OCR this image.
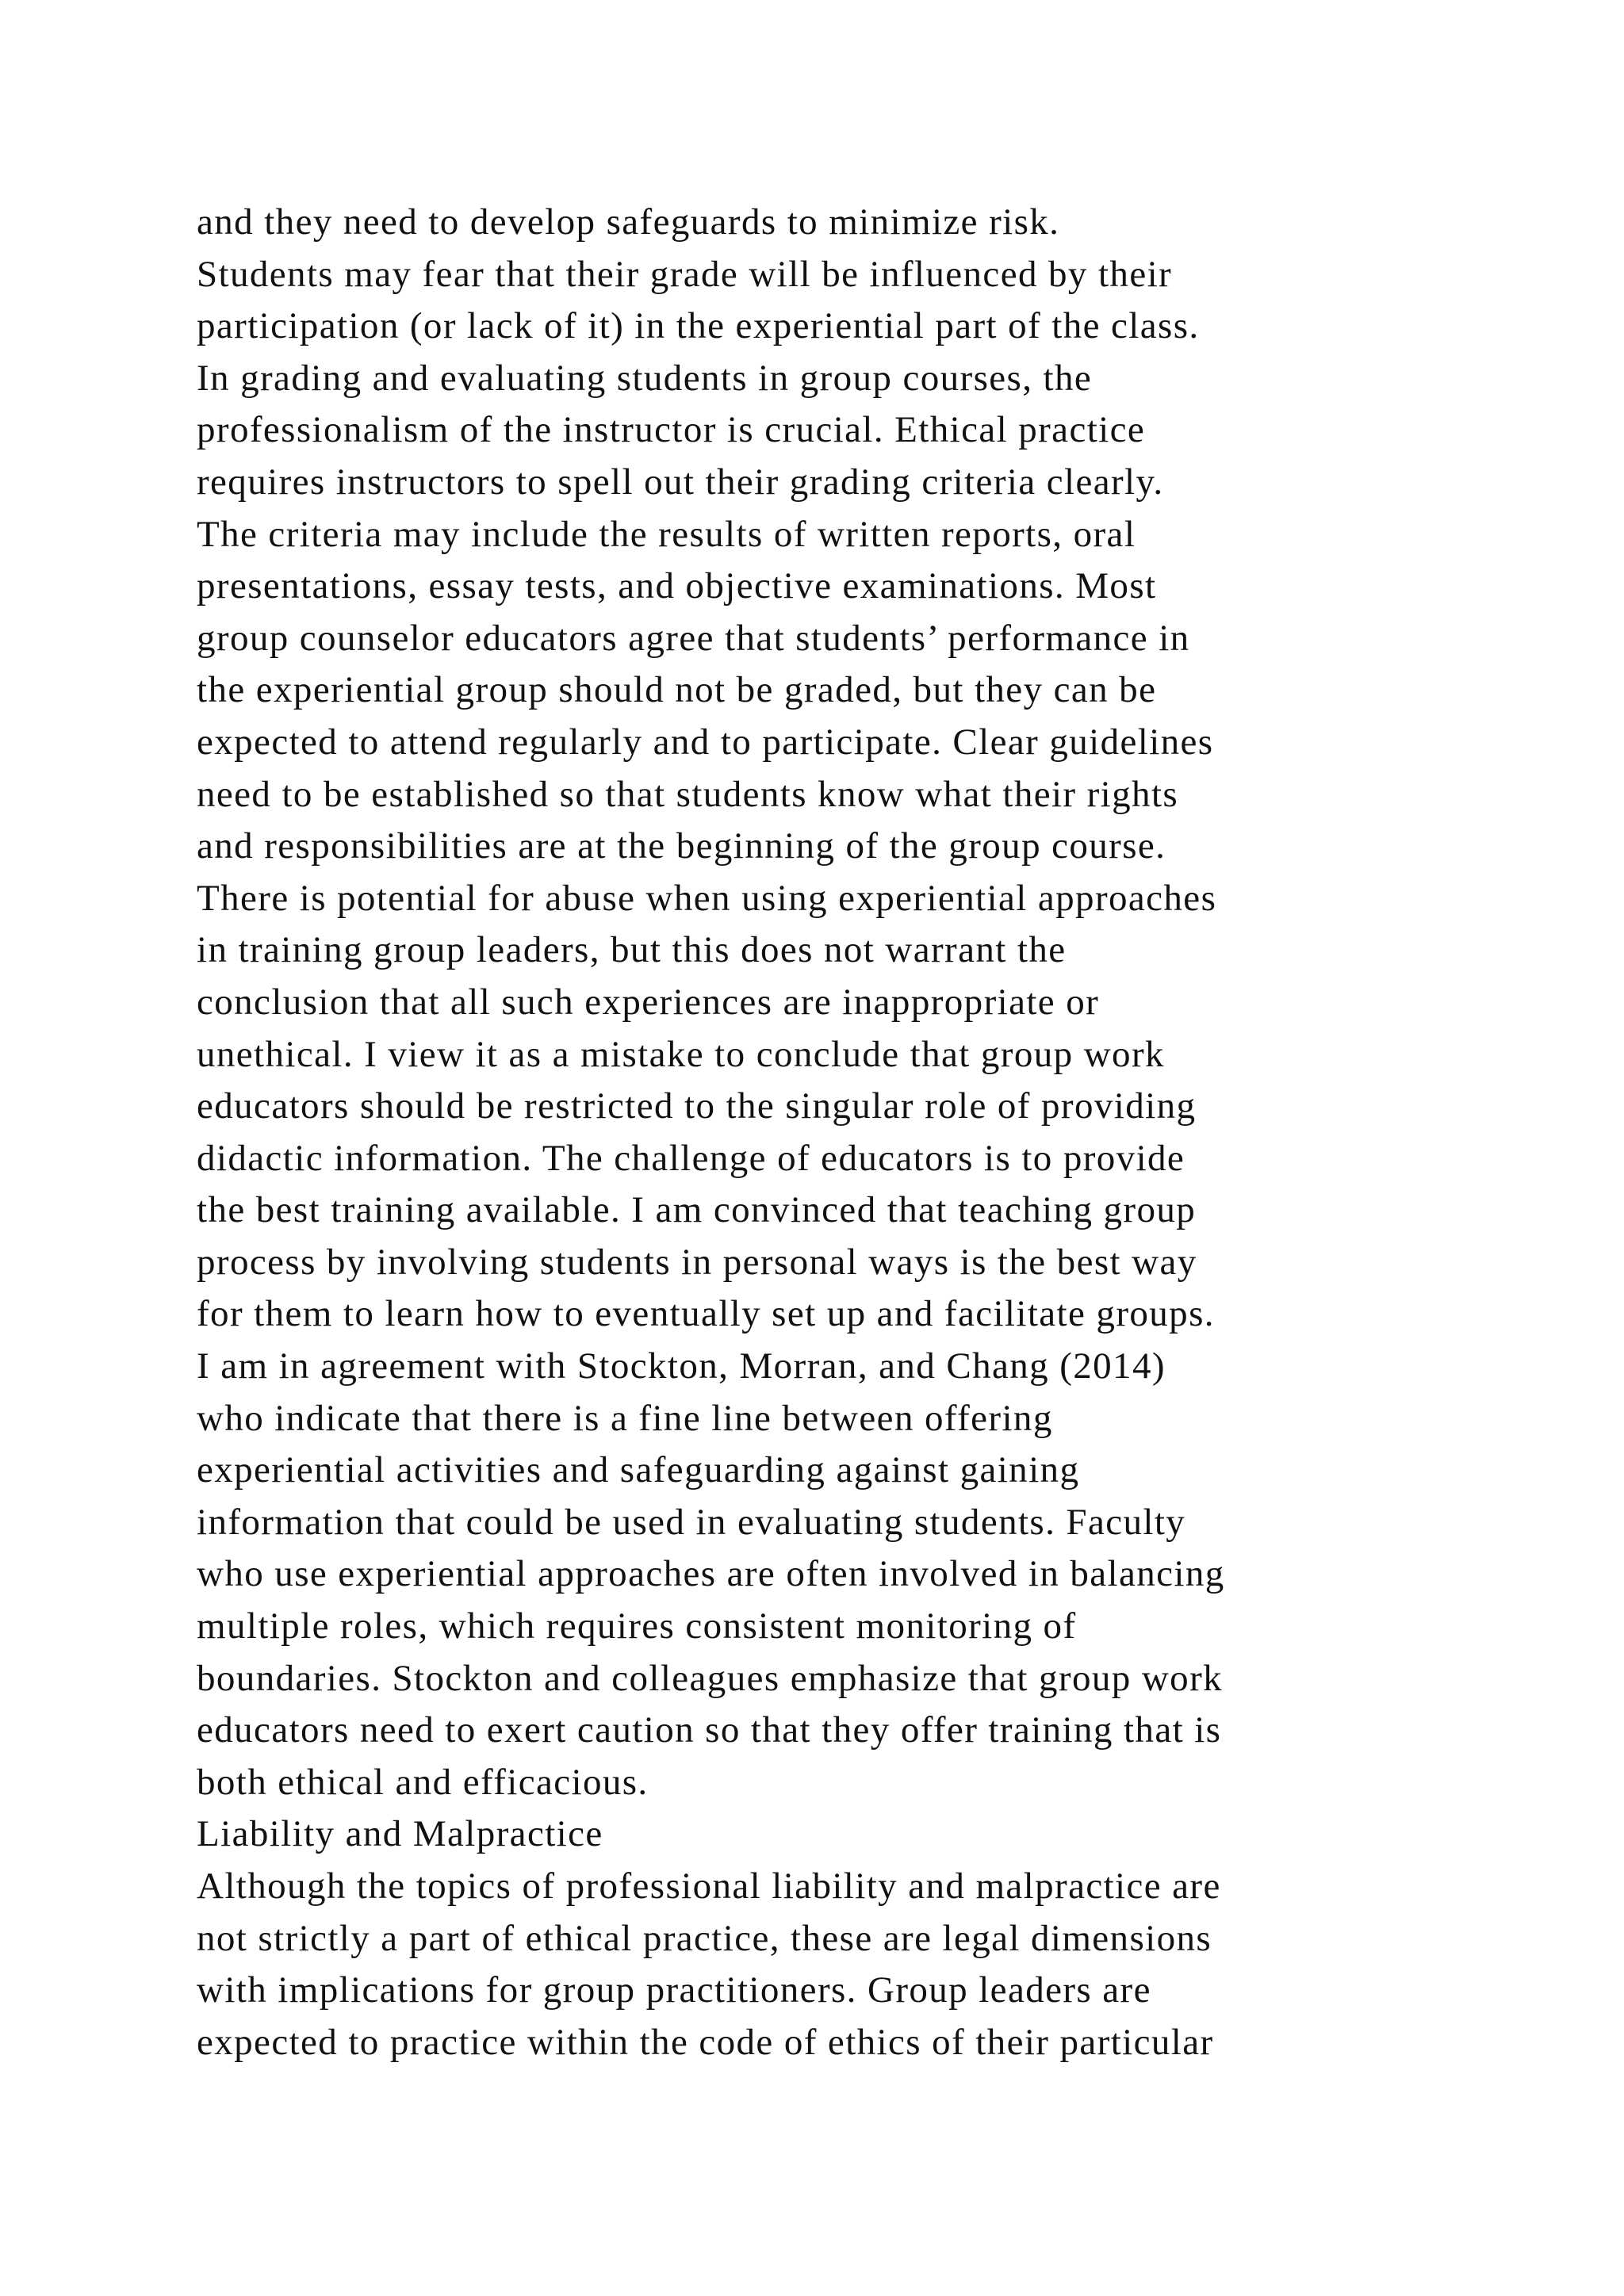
and they need to develop safeguards to minimize risk.
Students may fear that their grade will be influenced by their
participation (or lack of it) in the experiential part of the class.
In grading and evaluating students in group courses, the
professionalism of the instructor is crucial. Ethical practice
requires instructors to spell out their grading criteria clearly.
The criteria may include the results of written reports, oral
presentations, essay tests, and objective examinations. Most
group counselor educators agree that students’ performance in
the experiential group should not be graded, but they can be
expected to attend regularly and to participate. Clear guidelines
need to be established so that students know what their rights
and responsibilities are at the beginning of the group course.
There is potential for abuse when using experiential approaches
in training group leaders, but this does not warrant the
conclusion that all such experiences are inappropriate or
unethical. I view it as a mistake to conclude that group work
educators should be restricted to the singular role of providing
didactic information. The challenge of educators is to provide
the best training available. I am convinced that teaching group
process by involving students in personal ways is the best way
for them to learn how to eventually set up and facilitate groups.
I am in agreement with Stockton, Morran, and Chang (2014)
who indicate that there is a fine line between offering
experiential activities and safeguarding against gaining
information that could be used in evaluating students. Faculty
who use experiential approaches are often involved in balancing
multiple roles, which requires consistent monitoring of
boundaries. Stockton and colleagues emphasize that group work
educators need to exert caution so that they offer training that is
both ethical and efficacious.
Liability and Malpractice
Although the topics of professional liability and malpractice are
not strictly a part of ethical practice, these are legal dimensions
with implications for group practitioners. Group leaders are
expected to practice within the code of ethics of their particular
